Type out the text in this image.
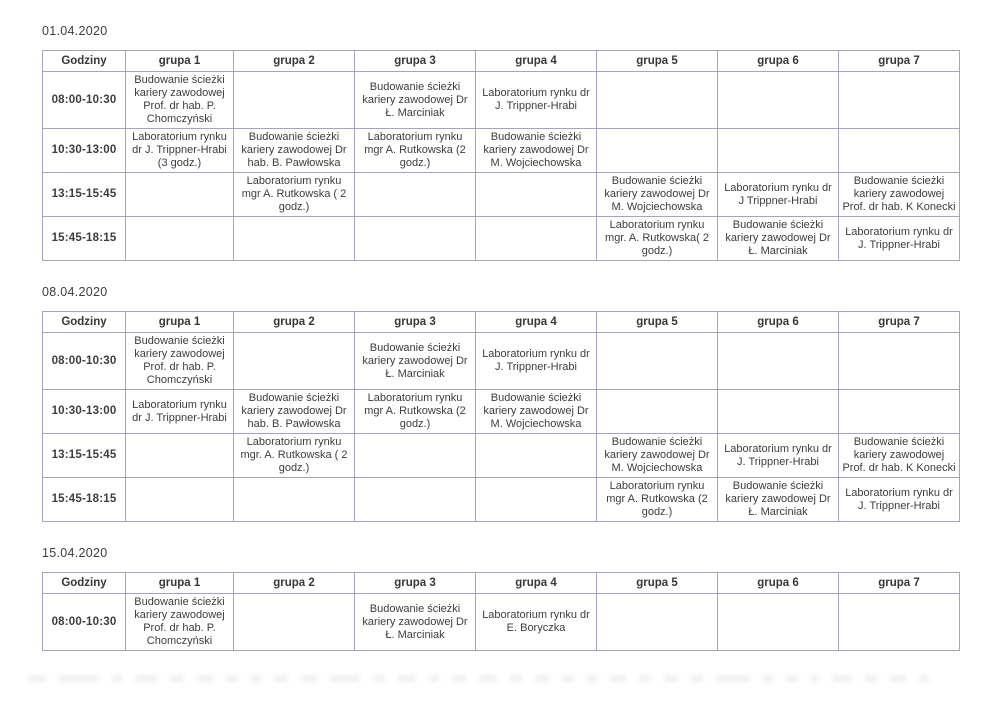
01.04.2020
Godziny	grupa 1	grupa 2	grupa 3	grupa 4	grupa 5	grupa 6	grupa 7
08:00-10:30	Budowanie ścieżki kariery zawodowej Prof. dr hab. P. Chomczyński		Budowanie ścieżki kariery zawodowej Dr Ł. Marciniak	Laboratorium rynku dr J. Trippner-Hrabi			
10:30-13:00	Laboratorium rynku dr J. Trippner-Hrabi (3 godz.)	Budowanie ścieżki kariery zawodowej Dr hab. B. Pawłowska	Laboratorium rynku mgr A. Rutkowska (2 godz.)	Budowanie ścieżki kariery zawodowej Dr M. Wojciechowska			
13:15-15:45		Laboratorium rynku mgr A. Rutkowska ( 2 godz.)			Budowanie ścieżki kariery zawodowej Dr M. Wojciechowska	Laboratorium rynku dr J Trippner-Hrabi	Budowanie ścieżki kariery zawodowej Prof. dr hab. K Konecki
15:45-18:15					Laboratorium rynku mgr. A. Rutkowska( 2 godz.)	Budowanie ścieżki kariery zawodowej Dr Ł. Marciniak	Laboratorium rynku dr J. Trippner-Hrabi
08.04.2020
Godziny	grupa 1	grupa 2	grupa 3	grupa 4	grupa 5	grupa 6	grupa 7
08:00-10:30	Budowanie ścieżki kariery zawodowej Prof. dr hab. P. Chomczyński		Budowanie ścieżki kariery zawodowej Dr Ł. Marciniak	Laboratorium rynku dr J. Trippner-Hrabi			
10:30-13:00	Laboratorium rynku dr J. Trippner-Hrabi	Budowanie ścieżki kariery zawodowej Dr hab. B. Pawłowska	Laboratorium rynku mgr A. Rutkowska (2 godz.)	Budowanie ścieżki kariery zawodowej Dr M. Wojciechowska			
13:15-15:45		Laboratorium rynku mgr. A. Rutkowska ( 2 godz.)			Budowanie ścieżki kariery zawodowej Dr M. Wojciechowska	Laboratorium rynku dr J. Trippner-Hrabi	Budowanie ścieżki kariery zawodowej Prof. dr hab. K Konecki
15:45-18:15					Laboratorium rynku mgr A. Rutkowska (2 godz.)	Budowanie ścieżki kariery zawodowej Dr Ł. Marciniak	Laboratorium rynku dr J. Trippner-Hrabi
15.04.2020
Godziny	grupa 1	grupa 2	grupa 3	grupa 4	grupa 5	grupa 6	grupa 7
08:00-10:30	Budowanie ścieżki kariery zawodowej Prof. dr hab. P. Chomczyński		Budowanie ścieżki kariery zawodowej Dr Ł. Marciniak	Laboratorium rynku dr E. Boryczka			
